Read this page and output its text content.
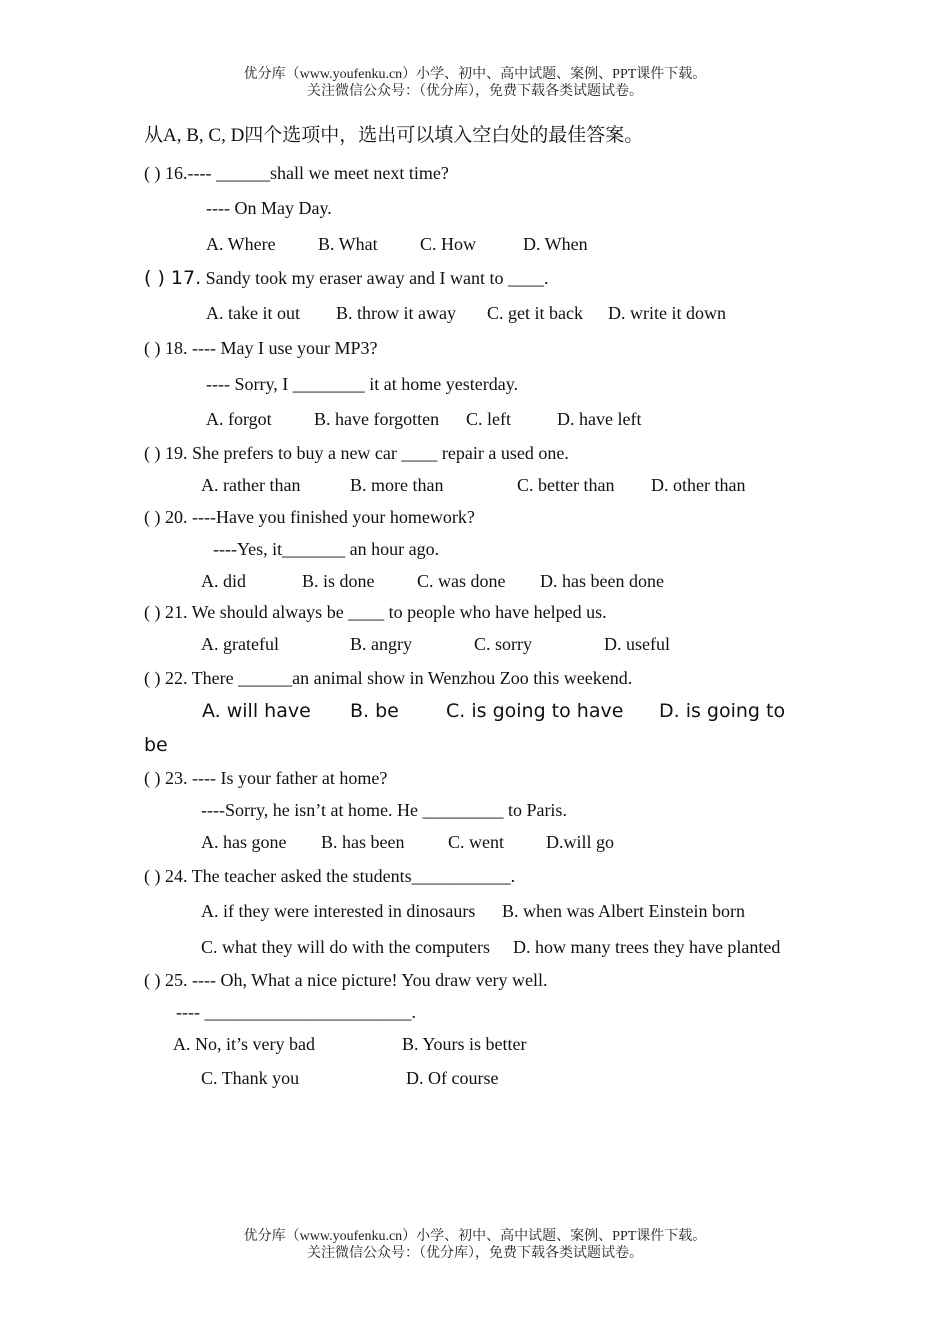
优分库（www.youfenku.cn）小学、初中、高中试题、案例、PPT课件下载。
关注微信公众号：（优分库），免费下载各类试题试卷。
从A, B, C, D四个选项中，选出可以填入空白处的最佳答案。
( ) 16.---- ______shall we meet next time?
---- On May Day.
A. Where B. What C. How	D. When
( ) 17. Sandy took my eraser away and I want to ____.
A. take it out B. throw it away C. get it back D. write it down
( ) 18. ---- May I use your MP3?
---- Sorry, I ________ it at home yesterday.
A. forgot B. have forgotten C. left	D. have left
( ) 19. She prefers to buy a new car ____ repair a used one.
A. rather than	B. more than	C. better than D. other than
( ) 20. ----Have you finished your homework?
----Yes, it_______ an hour ago.
A. did	B. is done C. was done D. has been done
( ) 21. We should always be ____ to people who have helped us.
A. grateful	B. angry	C. sorry	D. useful
( ) 22. There ______an animal show in Wenzhou Zoo this weekend.
A. will have B. be C. is going to have D. is going to
be
( ) 23. ---- Is your father at home?
----Sorry, he isn’t at home. He _________ to Paris.
A. has gone B. has been C. went D.will go
( ) 24. The teacher asked the students___________.
A. if they were interested in dinosaurs B. when was Albert Einstein born
C. what they will do with the computers D. how many trees they have planted
( ) 25. ---- Oh, What a nice picture! You draw very well.
---- _______________________.
A. No, it’s very bad	B. Yours is better
C. Thank you	D. Of course
优分库（www.youfenku.cn）小学、初中、高中试题、案例、PPT课件下载。
关注微信公众号：（优分库），免费下载各类试题试卷。
